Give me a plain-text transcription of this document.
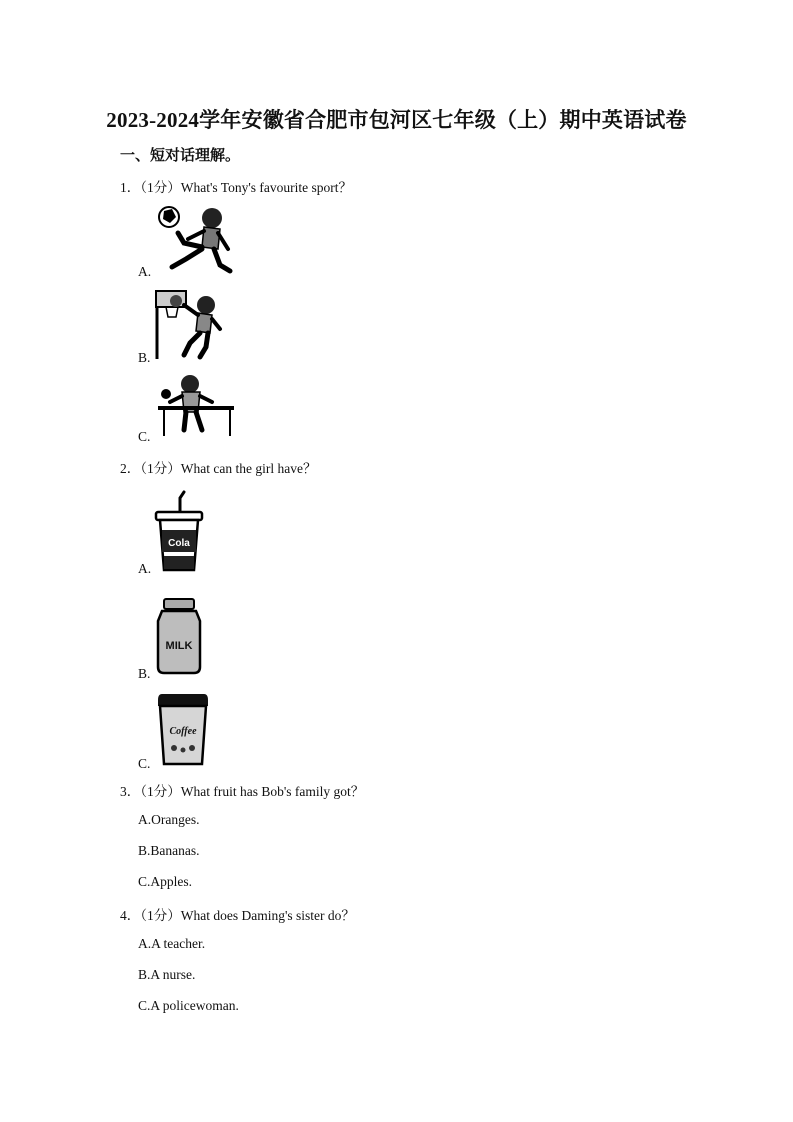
2023-2024学年安徽省合肥市包河区七年级（上）期中英语试卷
一、短对话理解。
1．（1分）What's Tony's favourite sport？
A.
B.
C.
2．（1分）What can the girl have？
Cola
A.
MILK
B.
Coffee
C.
3．（1分）What fruit has Bob's family got？
A.Oranges.
B.Bananas.
C.Apples.
4．（1分）What does Daming's sister do？
A.A teacher.
B.A nurse.
C.A policewoman.
